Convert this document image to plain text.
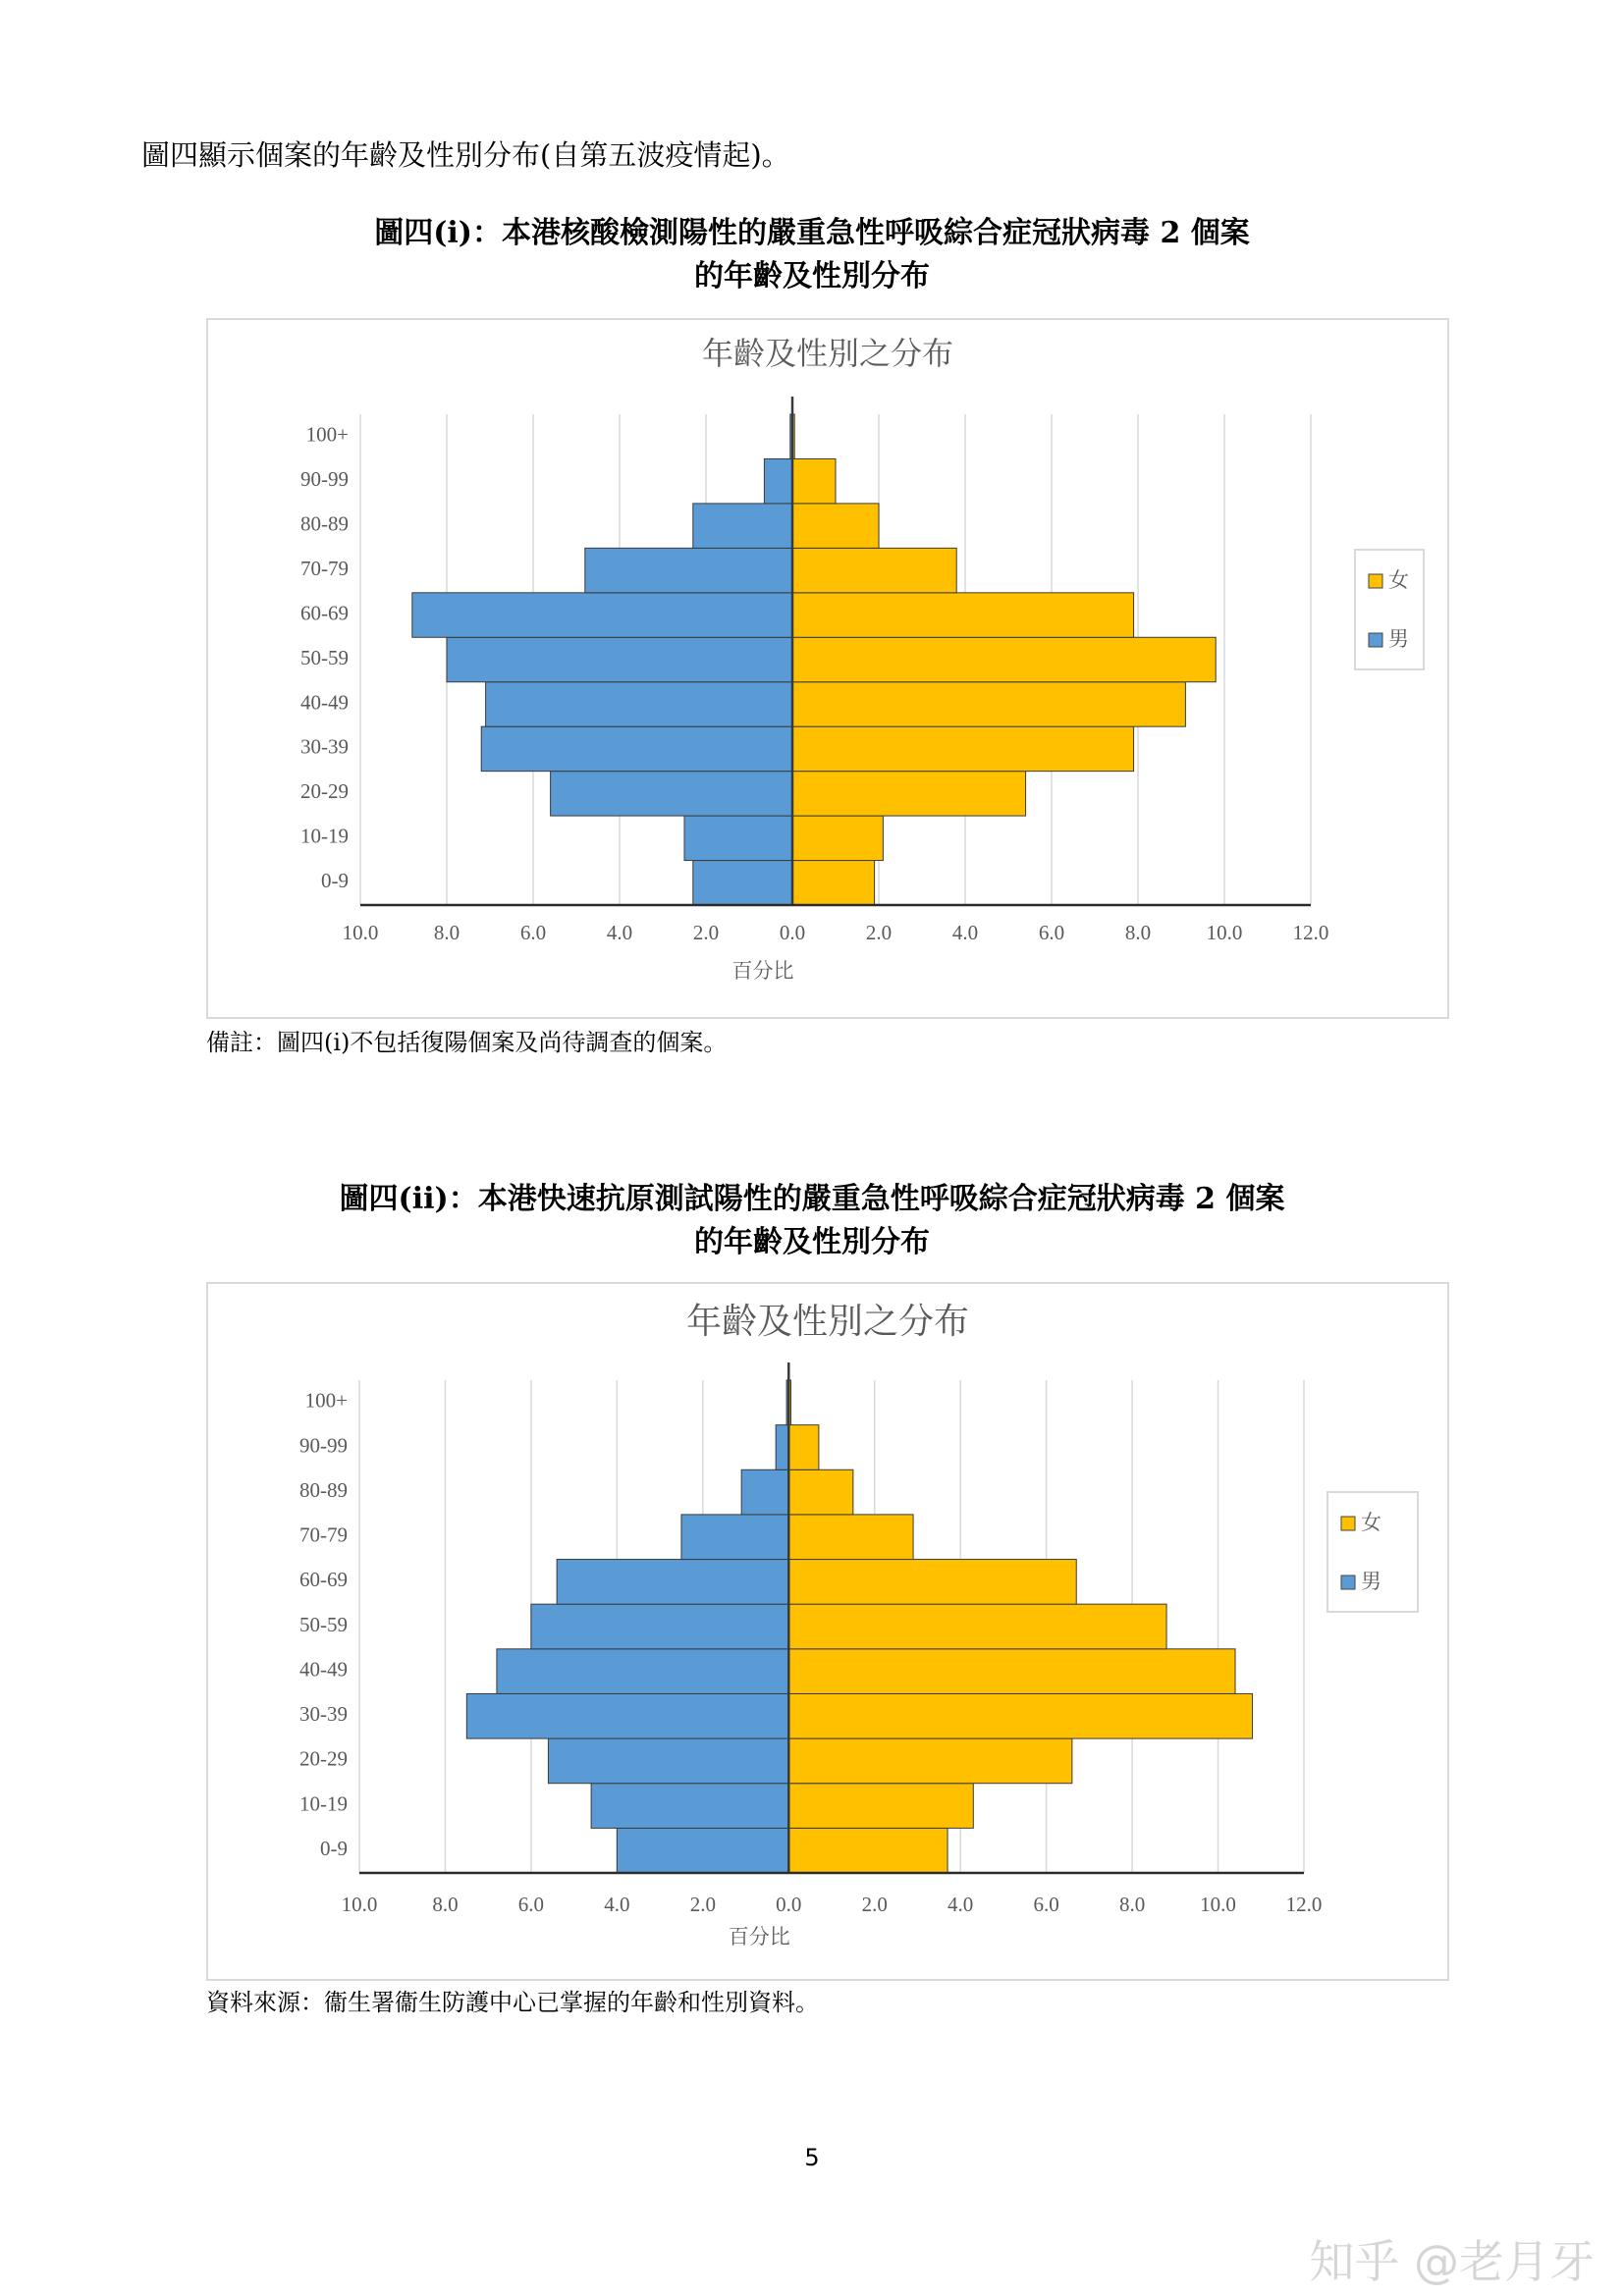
圖四顯示個案的年齡及性別分布(自第五波疫情起)。
圖四(i)：本港核酸檢測陽性的嚴重急性呼吸綜合症冠狀病毒 2 個案
的年齡及性別分布
年齡及性別之分布
0-9
10-19
20-29
30-39
40-49
50-59
60-69
70-79
80-89
90-99
100+
10.0	8.0	6.0	4.0	2.0	0.0	2.0	4.0	6.0	8.0	10.0 12.0
百分比
女
男
備註：圖四(i)不包括復陽個案及尚待調查的個案。
圖四(ii)：本港快速抗原測試陽性的嚴重急性呼吸綜合症冠狀病毒 2 個案
的年齡及性別分布
年齡及性別之分布
0-9
10-19
20-29
30-39
40-49
50-59
60-69
70-79
80-89
90-99
100+
10.0	8.0	6.0	4.0	2.0	0.0	2.0	4.0	6.0	8.0	10.0 12.0
百分比
女
男
資料來源：衞生署衞生防護中心已掌握的年齡和性別資料。
5
知乎 @老月牙
